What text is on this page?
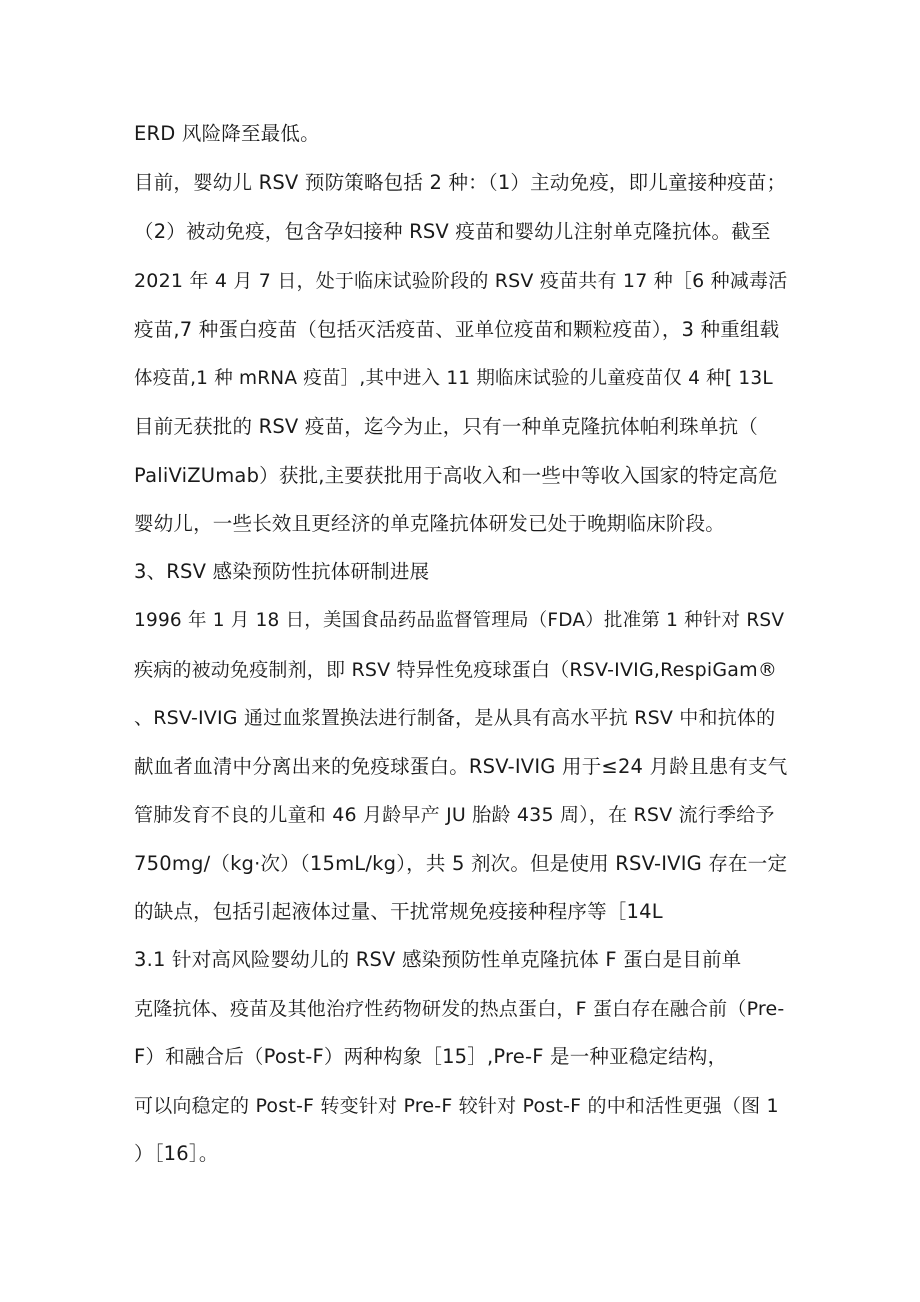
ERD 风险降至最低。
目前，婴幼儿 RSV 预防策略包括 2 种：（1）主动免疫，即儿童接种疫苗；
（2）被动免疫，包含孕妇接种 RSV 疫苗和婴幼儿注射单克隆抗体。截至
2021 年 4 月 7 日，处于临床试验阶段的 RSV 疫苗共有 17 种［6 种减毒活
疫苗,7 种蛋白疫苗（包括灭活疫苗、亚单位疫苗和颗粒疫苗），3 种重组载
体疫苗,1 种 mRNA 疫苗］,其中进入 11 期临床试验的儿童疫苗仅 4 种[ 13L
目前无获批的 RSV 疫苗，迄今为止，只有一种单克隆抗体帕利珠单抗（
PaliViZUmab）获批,主要获批用于高收入和一些中等收入国家的特定高危
婴幼儿，一些长效且更经济的单克隆抗体研发已处于晚期临床阶段。
3、RSV 感染预防性抗体研制进展
1996 年 1 月 18 日，美国食品药品监督管理局（FDA）批准第 1 种针对 RSV
疾病的被动免疫制剂，即 RSV 特异性免疫球蛋白（RSV-IVIG,RespiGam®
、RSV-IVIG 通过血浆置换法进行制备，是从具有高水平抗 RSV 中和抗体的
献血者血清中分离出来的免疫球蛋白。RSV-IVIG 用于≤24 月龄且患有支气
管肺发育不良的儿童和 46 月龄早产 JU 胎龄 435 周），在 RSV 流行季给予
750mg∕（kg·次）（15mL/kg），共 5 剂次。但是使用 RSV-IVIG 存在一定
的缺点，包括引起液体过量、干扰常规免疫接种程序等［14L
3.1 针对高风险婴幼儿的 RSV 感染预防性单克隆抗体 F 蛋白是目前单
克隆抗体、疫苗及其他治疗性药物研发的热点蛋白，F 蛋白存在融合前（Pre-
F）和融合后（Post-F）两种构象［15］,Pre-F 是一种亚稳定结构，
可以向稳定的 Post-F 转变针对 Pre-F 较针对 Post-F 的中和活性更强（图 1
）［16］。
